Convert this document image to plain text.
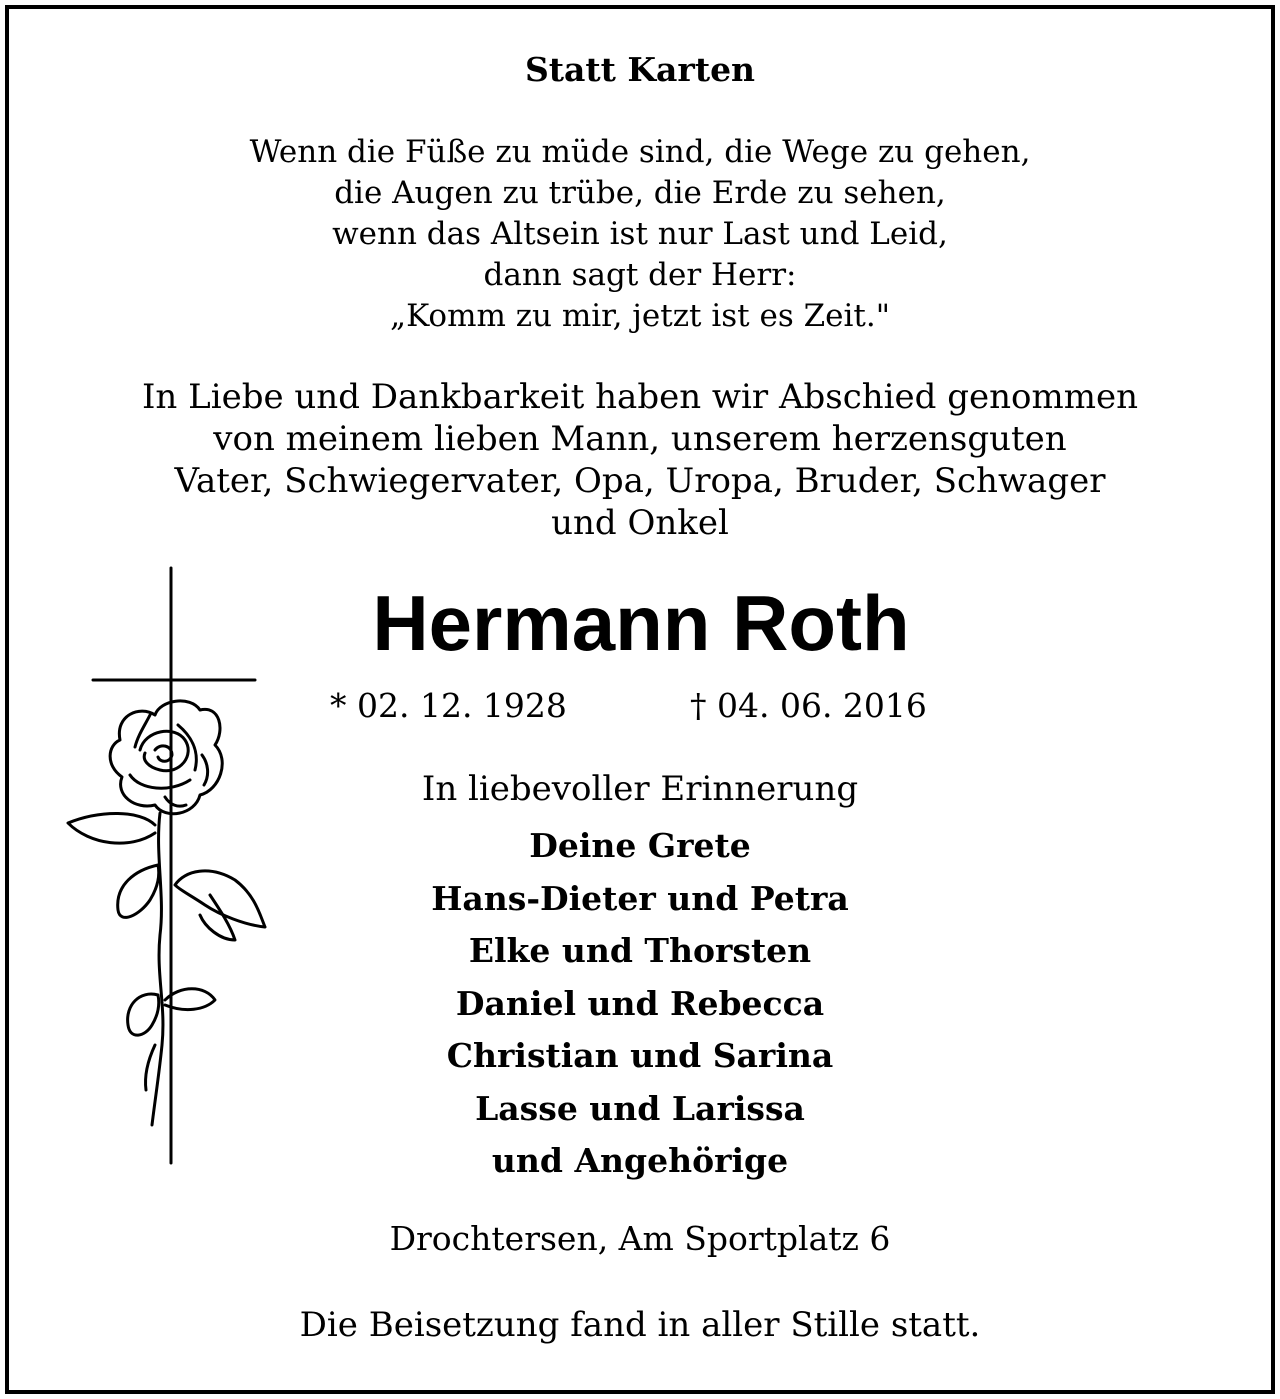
Statt Karten
Wenn die Füße zu müde sind, die Wege zu gehen,
die Augen zu trübe, die Erde zu sehen,
wenn das Altsein ist nur Last und Leid,
dann sagt der Herr:
„Komm zu mir, jetzt ist es Zeit."
In Liebe und Dankbarkeit haben wir Abschied genommen
von meinem lieben Mann, unserem herzensguten
Vater, Schwiegervater, Opa, Uropa, Bruder, Schwager
und Onkel
Hermann Roth
* 02. 12. 1928	† 04. 06. 2016
In liebevoller Erinnerung
Deine Grete
Hans-Dieter und Petra
Elke und Thorsten
Daniel und Rebecca
Christian und Sarina
Lasse und Larissa
und Angehörige
Drochtersen, Am Sportplatz 6
Die Beisetzung fand in aller Stille statt.
